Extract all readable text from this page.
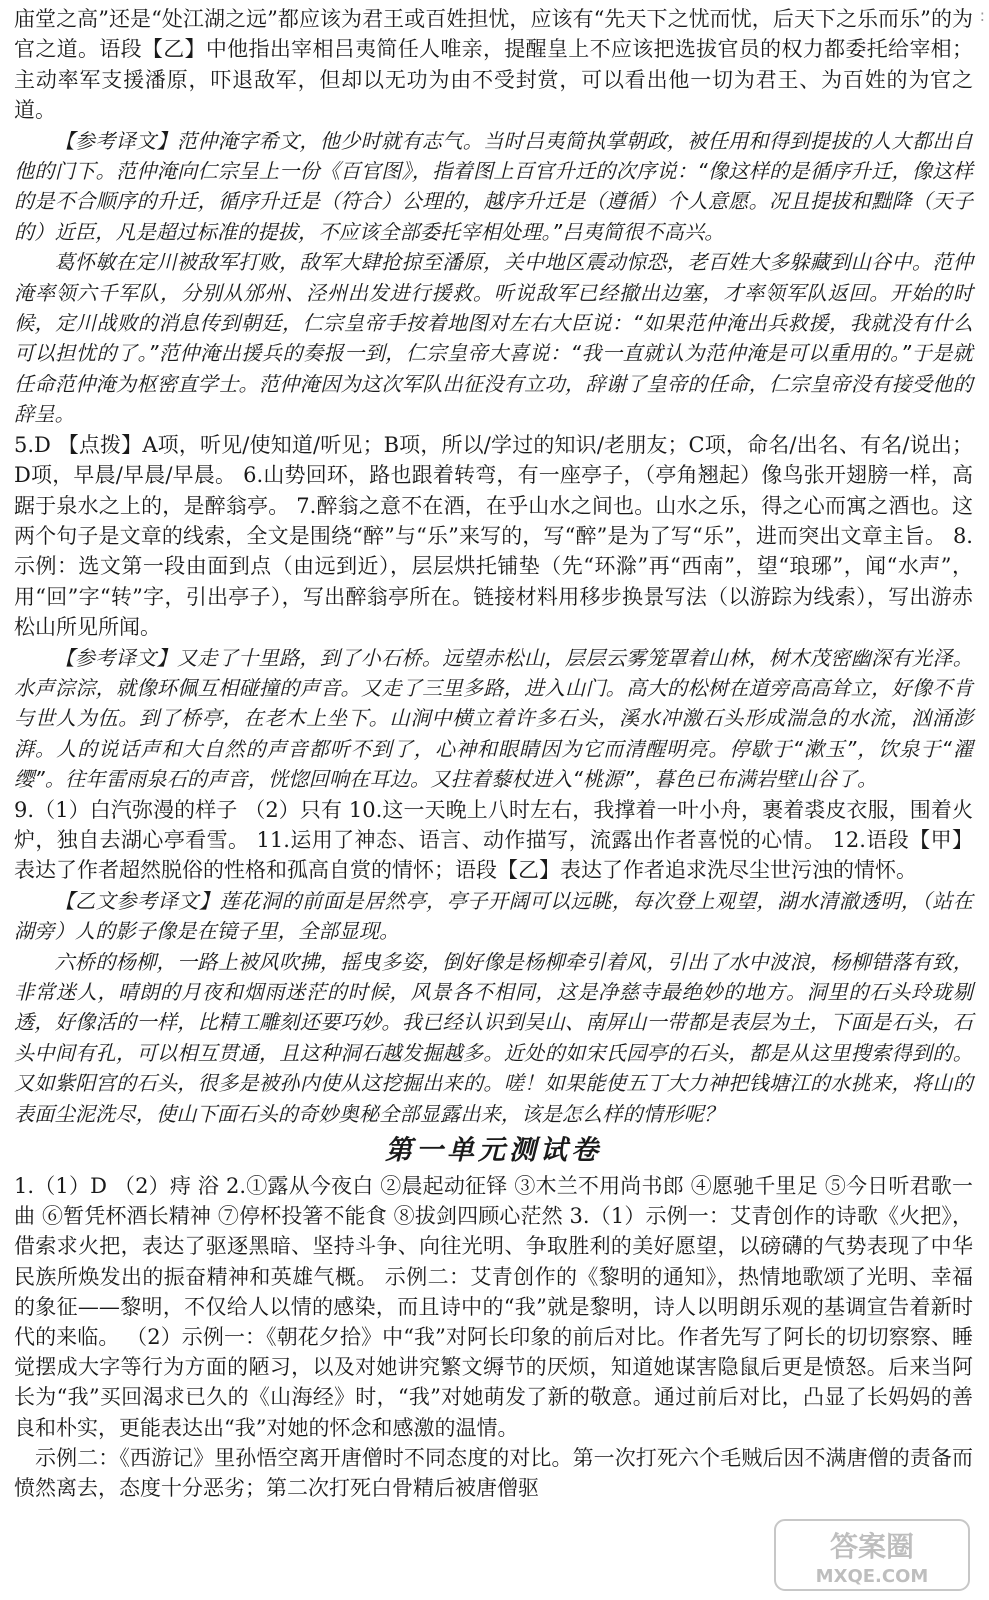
:

庙堂之高”还是“处江湖之远”都应该为君王或百姓担忧，应该有“先天下之忧而忧，后天下之乐而乐”的为官之道。语段【乙】中他指出宰相吕夷简任人唯亲，提醒皇上不应该把选拔官员的权力都委托给宰相；主动率军支援潘原，吓退敌军，但却以无功为由不受封赏，可以看出他一切为君王、为百姓的为官之道。

【参考译文】范仲淹字希文，他少时就有志气。当时吕夷简执掌朝政，被任用和得到提拔的人大都出自他的门下。范仲淹向仁宗呈上一份《百官图》，指着图上百官升迁的次序说：“像这样的是循序升迁，像这样的是不合顺序的升迁，循序升迁是（符合）公理的，越序升迁是（遵循）个人意愿。况且提拔和黜降（天子的）近臣，凡是超过标准的提拔，不应该全部委托宰相处理。”吕夷简很不高兴。

葛怀敏在定川被敌军打败，敌军大肆抢掠至潘原，关中地区震动惊恐，老百姓大多躲藏到山谷中。范仲淹率领六千军队，分别从邠州、泾州出发进行援救。听说敌军已经撤出边塞，才率领军队返回。开始的时候，定川战败的消息传到朝廷，仁宗皇帝手按着地图对左右大臣说：“如果范仲淹出兵救援，我就没有什么可以担忧的了。”范仲淹出援兵的奏报一到，仁宗皇帝大喜说：“我一直就认为范仲淹是可以重用的。”于是就任命范仲淹为枢密直学士。范仲淹因为这次军队出征没有立功，辞谢了皇帝的任命，仁宗皇帝没有接受他的辞呈。

5.D 【点拨】A项，听见/使知道/听见；B项，所以/学过的知识/老朋友；C项，命名/出名、有名/说出；D项，早晨/早晨/早晨。 6.山势回环，路也跟着转弯，有一座亭子，（亭角翘起）像鸟张开翅膀一样，高踞于泉水之上的，是醉翁亭。 7.醉翁之意不在酒，在乎山水之间也。山水之乐，得之心而寓之酒也。这两个句子是文章的线索，全文是围绕“醉”与“乐”来写的，写“醉”是为了写“乐”，进而突出文章主旨。 8.示例：选文第一段由面到点（由远到近），层层烘托铺垫（先“环滁”再“西南”，望“琅琊”，闻“水声”，用“回”字“转”字，引出亭子），写出醉翁亭所在。链接材料用移步换景写法（以游踪为线索），写出游赤松山所见所闻。

【参考译文】又走了十里路，到了小石桥。远望赤松山，层层云雾笼罩着山林，树木茂密幽深有光泽。水声淙淙，就像环佩互相碰撞的声音。又走了三里多路，进入山门。高大的松树在道旁高高耸立，好像不肯与世人为伍。到了桥亭，在老木上坐下。山涧中横立着许多石头，溪水冲激石头形成湍急的水流，汹涌澎湃。人的说话声和大自然的声音都听不到了，心神和眼睛因为它而清醒明亮。停歇于“漱玉”，饮泉于“濯缨”。往年雷雨泉石的声音，恍惚回响在耳边。又拄着藜杖进入“桃源”，暮色已布满岩壁山谷了。

9.（1）白汽弥漫的样子 （2）只有 10.这一天晚上八时左右，我撑着一叶小舟，裹着裘皮衣服，围着火炉，独自去湖心亭看雪。 11.运用了神态、语言、动作描写，流露出作者喜悦的心情。 12.语段【甲】表达了作者超然脱俗的性格和孤高自赏的情怀；语段【乙】表达了作者追求洗尽尘世污浊的情怀。

【乙文参考译文】莲花洞的前面是居然亭，亭子开阔可以远眺，每次登上观望，湖水清澈透明，（站在湖旁）人的影子像是在镜子里，全部显现。

六桥的杨柳，一路上被风吹拂，摇曳多姿，倒好像是杨柳牵引着风，引出了水中波浪，杨柳错落有致，非常迷人，晴朗的月夜和烟雨迷茫的时候，风景各不相同，这是净慈寺最绝妙的地方。洞里的石头玲珑剔透，好像活的一样，比精工雕刻还要巧妙。我已经认识到吴山、南屏山一带都是表层为土，下面是石头，石头中间有孔，可以相互贯通，且这种洞石越发掘越多。近处的如宋氏园亭的石头，都是从这里搜索得到的。又如紫阳宫的石头，很多是被孙内使从这挖掘出来的。嗟！如果能使五丁大力神把钱塘江的水挑来，将山的表面尘泥洗尽，使山下面石头的奇妙奥秘全部显露出来，该是怎么样的情形呢？

第一单元测试卷

1.（1）D （2）痔 浴 2.①露从今夜白 ②晨起动征铎 ③木兰不用尚书郎 ④愿驰千里足 ⑤今日听君歌一曲 ⑥暂凭杯酒长精神 ⑦停杯投箸不能食 ⑧拔剑四顾心茫然 3.（1）示例一：艾青创作的诗歌《火把》，借索求火把，表达了驱逐黑暗、坚持斗争、向往光明、争取胜利的美好愿望，以磅礴的气势表现了中华民族所焕发出的振奋精神和英雄气概。 示例二：艾青创作的《黎明的通知》，热情地歌颂了光明、幸福的象征——黎明，不仅给人以情的感染，而且诗中的“我”就是黎明，诗人以明朗乐观的基调宣告着新时代的来临。 （2）示例一：《朝花夕拾》中“我”对阿长印象的前后对比。作者先写了阿长的切切察察、睡觉摆成大字等行为方面的陋习，以及对她讲究繁文缛节的厌烦，知道她谋害隐鼠后更是愤怒。后来当阿长为“我”买回渴求已久的《山海经》时，“我”对她萌发了新的敬意。通过前后对比，凸显了长妈妈的善良和朴实，更能表达出“我”对她的怀念和感激的温情。

示例二：《西游记》里孙悟空离开唐僧时不同态度的对比。第一次打死六个毛贼后因不满唐僧的责备而愤然离去，态度十分恶劣；第二次打死白骨精后被唐僧驱

答案圈
MXQE.COM
